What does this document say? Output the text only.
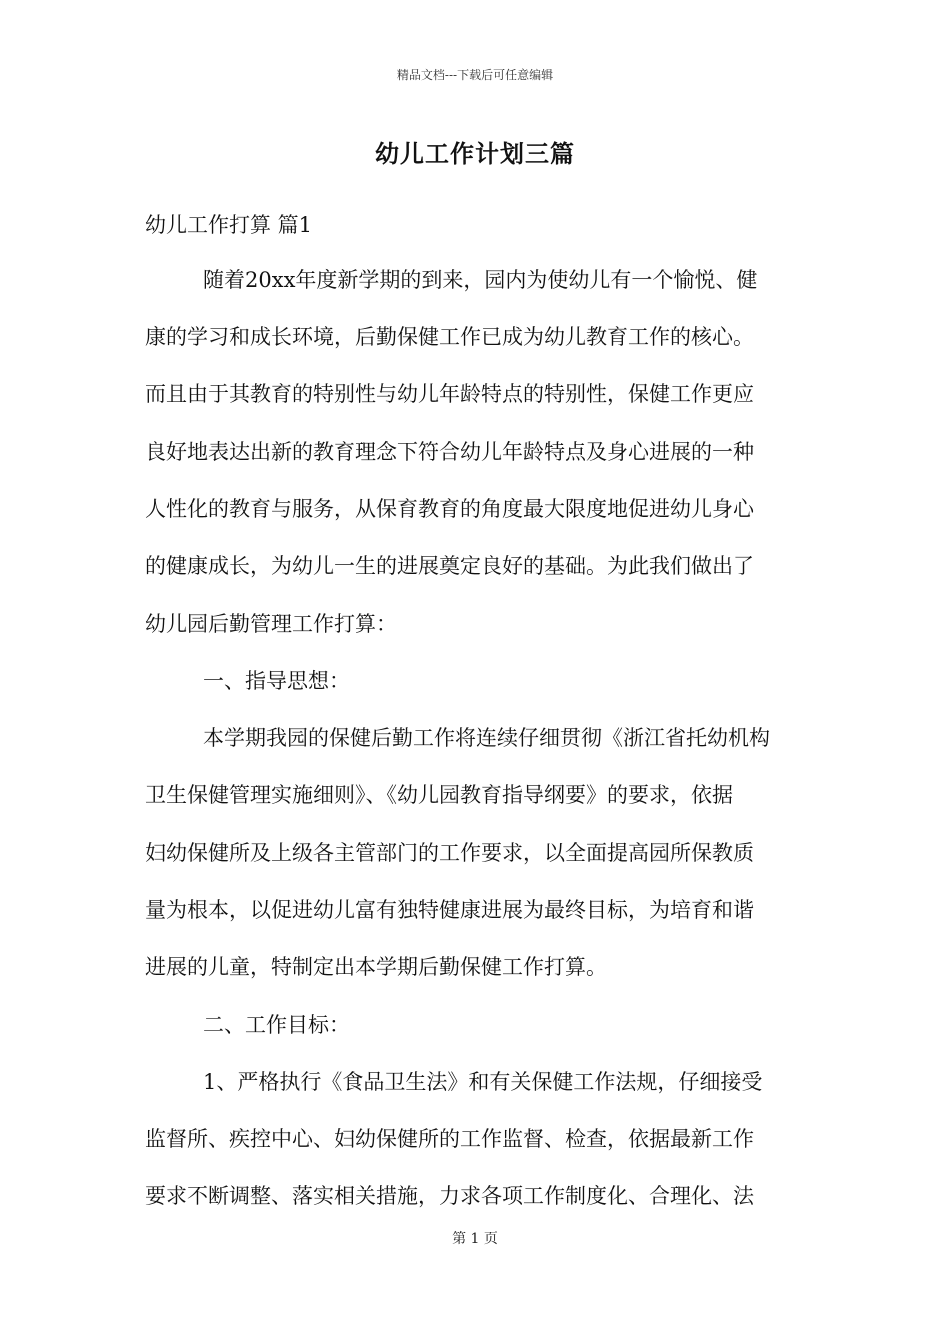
精品文档---下载后可任意编辑
幼儿工作计划三篇
幼儿工作打算 篇1
随着20xx年度新学期的到来，园内为使幼儿有一个愉悦、健
康的学习和成长环境，后勤保健工作已成为幼儿教育工作的核心。
而且由于其教育的特别性与幼儿年龄特点的特别性，保健工作更应
良好地表达出新的教育理念下符合幼儿年龄特点及身心进展的一种
人性化的教育与服务，从保育教育的角度最大限度地促进幼儿身心
的健康成长，为幼儿一生的进展奠定良好的基础。为此我们做出了
幼儿园后勤管理工作打算：
一、指导思想：
本学期我园的保健后勤工作将连续仔细贯彻《浙江省托幼机构
卫生保健管理实施细则》、《幼儿园教育指导纲要》的要求，依据
妇幼保健所及上级各主管部门的工作要求，以全面提高园所保教质
量为根本，以促进幼儿富有独特健康进展为最终目标，为培育和谐
进展的儿童，特制定出本学期后勤保健工作打算。
二、工作目标：
1、严格执行《食品卫生法》和有关保健工作法规，仔细接受
监督所、疾控中心、妇幼保健所的工作监督、检查，依据最新工作
要求不断调整、落实相关措施，力求各项工作制度化、合理化、法
第 1 页
